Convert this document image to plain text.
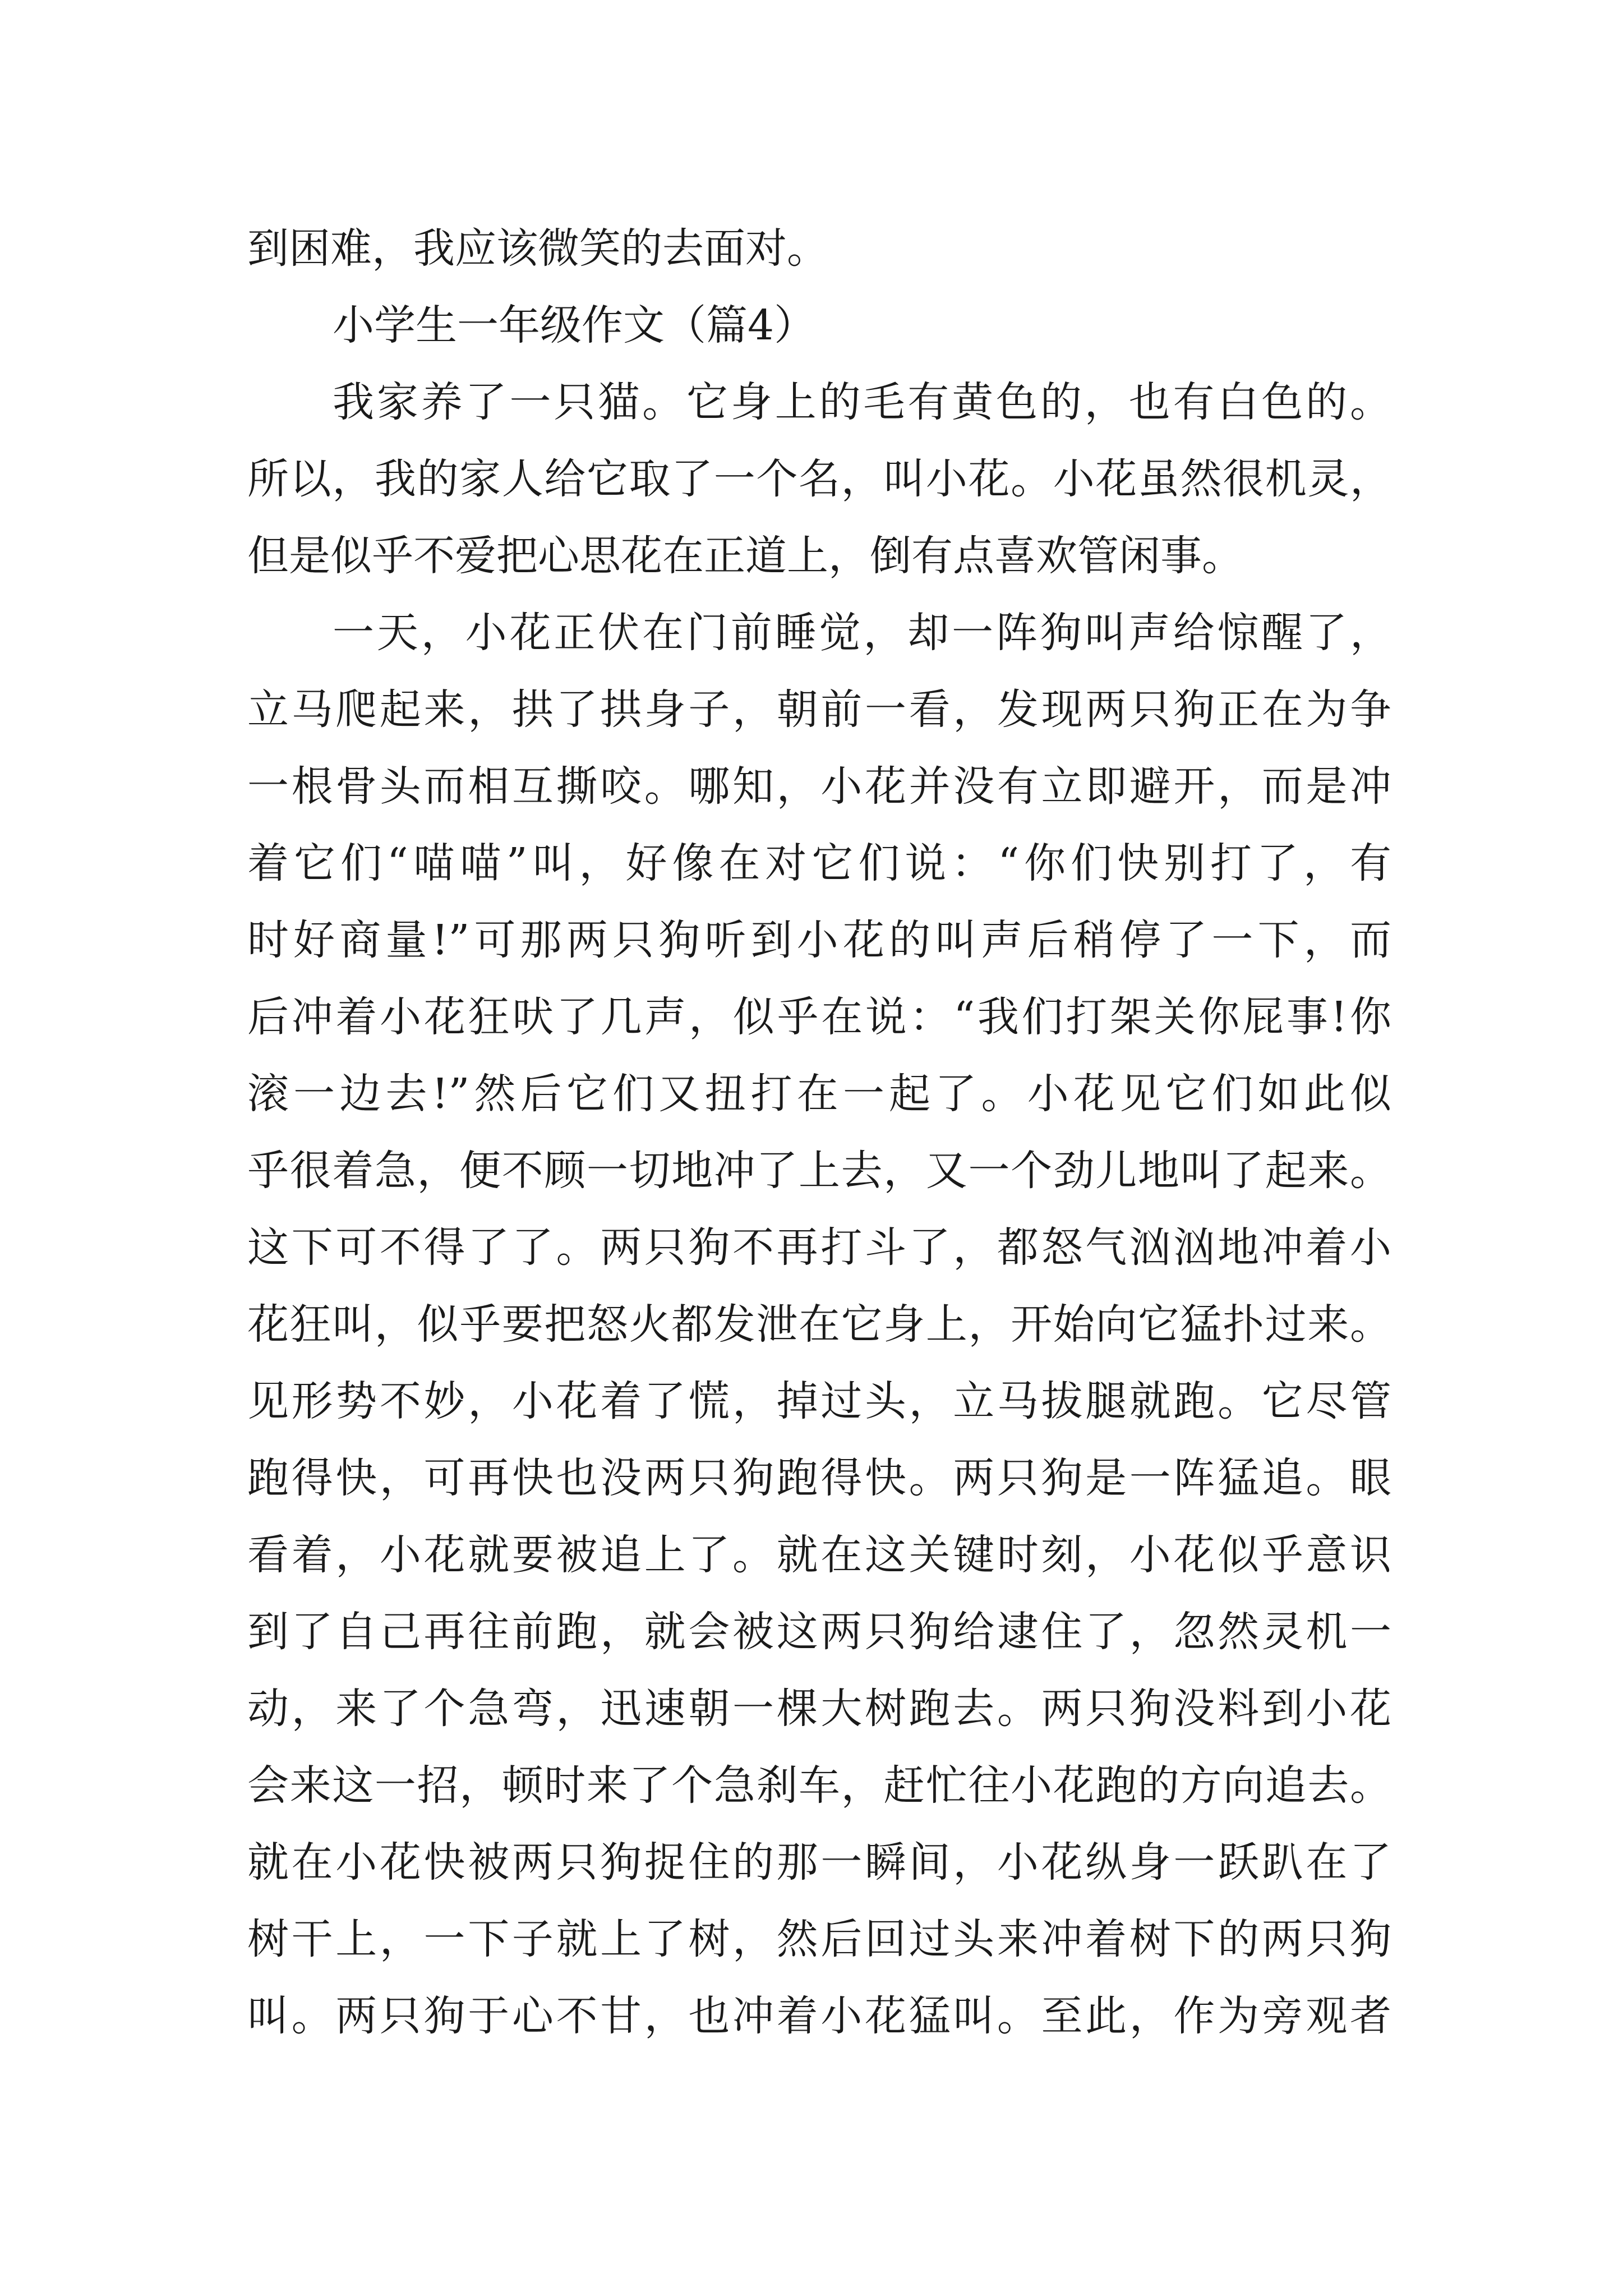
到困难，我应该微笑的去面对。
小学生一年级作文（篇4）
我家养了一只猫。它身上的毛有黄色的，也有白色的。
所以，我的家人给它取了一个名，叫小花。小花虽然很机灵，
但是似乎不爱把心思花在正道上，倒有点喜欢管闲事。
一天，小花正伏在门前睡觉，却一阵狗叫声给惊醒了，
立马爬起来，拱了拱身子，朝前一看，发现两只狗正在为争
一根骨头而相互撕咬。哪知，小花并没有立即避开，而是冲
着它们“喵喵”叫，好像在对它们说：“你们快别打了，有
时好商量!”可那两只狗听到小花的叫声后稍停了一下，而
后冲着小花狂吠了几声，似乎在说：“我们打架关你屁事!你
滚一边去!”然后它们又扭打在一起了。小花见它们如此似
乎很着急，便不顾一切地冲了上去，又一个劲儿地叫了起来。
这下可不得了了。两只狗不再打斗了，都怒气汹汹地冲着小
花狂叫，似乎要把怒火都发泄在它身上，开始向它猛扑过来。
见形势不妙，小花着了慌，掉过头，立马拔腿就跑。它尽管
跑得快，可再快也没两只狗跑得快。两只狗是一阵猛追。眼
看着，小花就要被追上了。就在这关键时刻，小花似乎意识
到了自己再往前跑，就会被这两只狗给逮住了，忽然灵机一
动，来了个急弯，迅速朝一棵大树跑去。两只狗没料到小花
会来这一招，顿时来了个急刹车，赶忙往小花跑的方向追去。
就在小花快被两只狗捉住的那一瞬间，小花纵身一跃趴在了
树干上，一下子就上了树，然后回过头来冲着树下的两只狗
叫。两只狗于心不甘，也冲着小花猛叫。至此，作为旁观者
